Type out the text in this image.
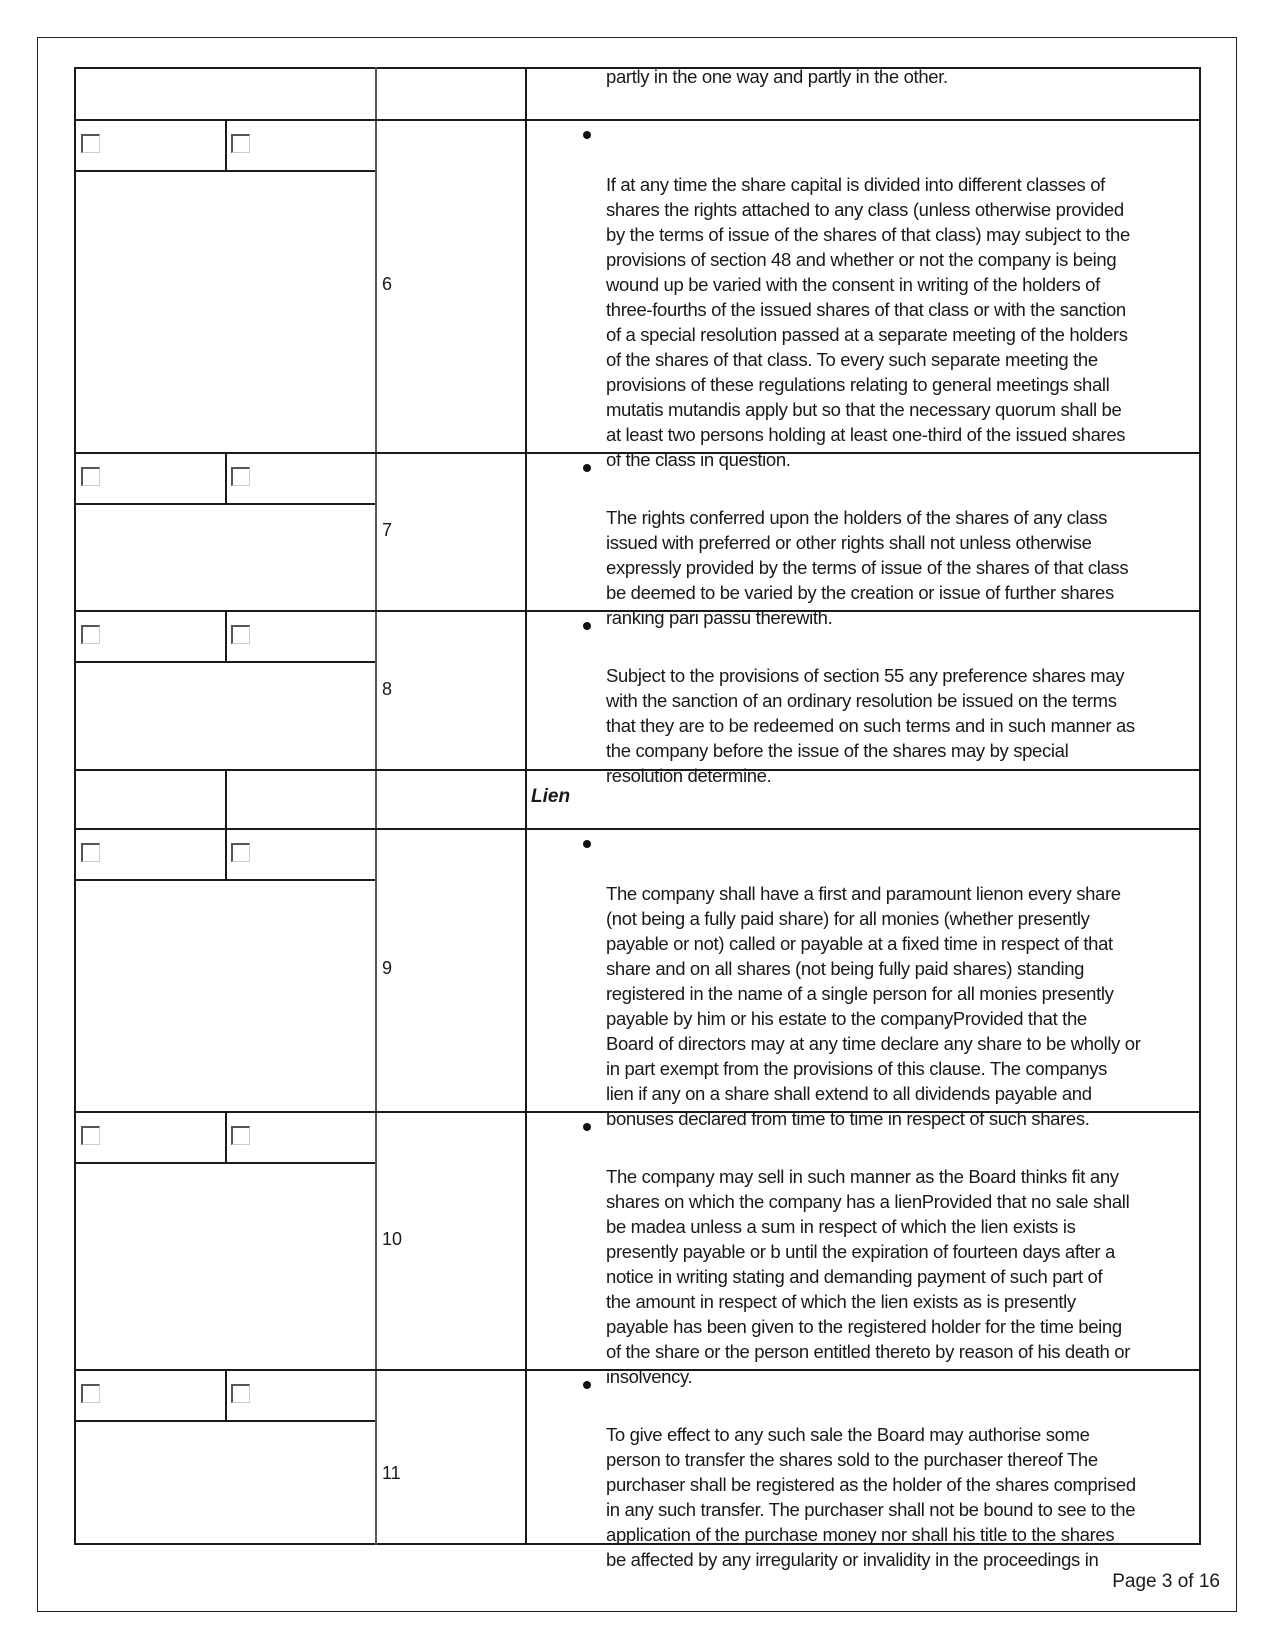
partly in the one way and partly in the other.
6

If at any time the share capital is divided into different classes of
shares the rights attached to any class (unless otherwise provided
by the terms of issue of the shares of that class) may subject to the
provisions of section 48 and whether or not the company is being
wound up be varied with the consent in writing of the holders of
three-fourths of the issued shares of that class or with the sanction
of a special resolution passed at a separate meeting of the holders
of the shares of that class. To every such separate meeting the
provisions of these regulations relating to general meetings shall
mutatis mutandis apply but so that the necessary quorum shall be
at least two persons holding at least one-third of the issued shares
of the class in question.

7

The rights conferred upon the holders of the shares of any class
issued with preferred or other rights shall not unless otherwise
expressly provided by the terms of issue of the shares of that class
be deemed to be varied by the creation or issue of further shares
ranking pari passu therewith.

8

Subject to the provisions of section 55 any preference shares may
with the sanction of an ordinary resolution be issued on the terms
that they are to be redeemed on such terms and in such manner as
the company before the issue of the shares may by special
resolution determine.

Lien
9

The company shall have a first and paramount lienon every share
(not being a fully paid share) for all monies (whether presently
payable or not) called or payable at a fixed time in respect of that
share and on all shares (not being fully paid shares) standing
registered in the name of a single person for all monies presently
payable by him or his estate to the companyProvided that the
Board of directors may at any time declare any share to be wholly or
in part exempt from the provisions of this clause. The companys
lien if any on a share shall extend to all dividends payable and
bonuses declared from time to time in respect of such shares.

10

The company may sell in such manner as the Board thinks fit any
shares on which the company has a lienProvided that no sale shall
be madea unless a sum in respect of which the lien exists is
presently payable or b until the expiration of fourteen days after a
notice in writing stating and demanding payment of such part of
the amount in respect of which the lien exists as is presently
payable has been given to the registered holder for the time being
of the share or the person entitled thereto by reason of his death or
insolvency.

11

To give effect to any such sale the Board may authorise some
person to transfer the shares sold to the purchaser thereof The
purchaser shall be registered as the holder of the shares comprised
in any such transfer. The purchaser shall not be bound to see to the
application of the purchase money nor shall his title to the shares
be affected by any irregularity or invalidity in the proceedings in

Page 3 of 16
